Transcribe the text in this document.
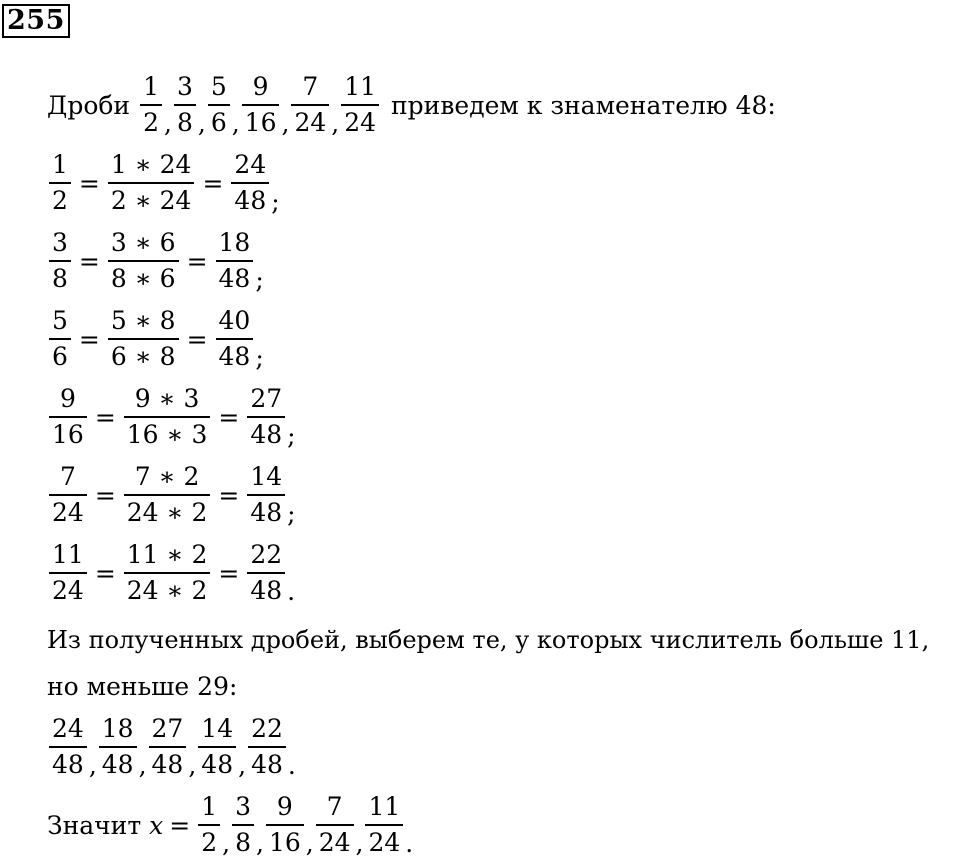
255
Дроби $\frac{1}{2}$ , $\frac{3}{8}$ , $\frac{5}{6}$ , $\frac{9}{16}$ , $\frac{7}{24}$ , $\frac{11}{24}$ приведем к знаменателю 48:
$\frac{1}{2} = \frac{1 ∗ 24}{2 ∗ 24} = \frac{24}{48}$ ;
$\frac{3}{8} = \frac{3 ∗ 6}{8 ∗ 6} = \frac{18}{48}$ ;
$\frac{5}{6} = \frac{5 ∗ 8}{6 ∗ 8} = \frac{40}{48}$ ;
$\frac{9}{16} = \frac{9 ∗ 3}{16 ∗ 3} = \frac{27}{48}$ ;
$\frac{7}{24} = \frac{7 ∗ 2}{24 ∗ 2} = \frac{14}{48}$ ;
$\frac{11}{24} = \frac{11 ∗ 2}{24 ∗ 2} = \frac{22}{48}$ .
Из полученных дробей, выберем те, у которых числитель больше 11,
но меньше 29:
$\frac{24}{48}$ , $\frac{18}{48}$ , $\frac{27}{48}$ , $\frac{14}{48}$ , $\frac{22}{48}$ .
Значит $x = \frac{1}{2}$ , $\frac{3}{8}$ , $\frac{9}{16}$ , $\frac{7}{24}$ , $\frac{11}{24}$ .
